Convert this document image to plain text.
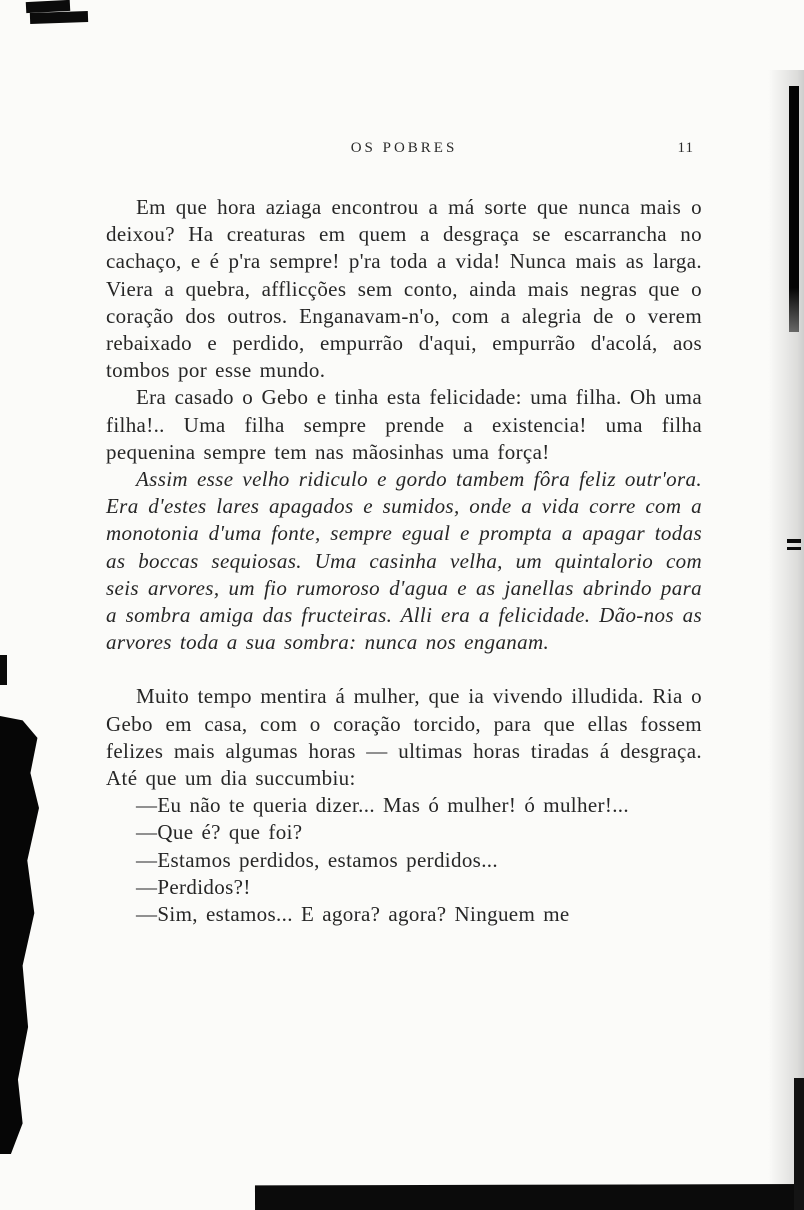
OS POBRES	11

Em que hora aziaga encontrou a má sorte que nunca mais o deixou? Ha creaturas em quem a desgraça se escarrancha no cachaço, e é p'ra sempre! p'ra toda a vida! Nunca mais as larga. Viera a quebra, afflicções sem conto, ainda mais negras que o coração dos outros. Enganavam-n'o, com a alegria de o verem rebaixado e perdido, empurrão d'aqui, empurrão d'acolá, aos tombos por esse mundo.

Era casado o Gebo e tinha esta felicidade: uma filha. Oh uma filha!.. Uma filha sempre prende a existencia! uma filha pequenina sempre tem nas mãosinhas uma força!

Assim esse velho ridiculo e gordo tambem fôra feliz outr'ora. Era d'estes lares apagados e sumidos, onde a vida corre com a monotonia d'uma fonte, sempre egual e prompta a apagar todas as boccas sequiosas. Uma casinha velha, um quintalorio com seis arvores, um fio rumoroso d'agua e as janellas abrindo para a sombra amiga das fructeiras. Alli era a felicidade. Dão-nos as arvores toda a sua sombra: nunca nos enganam.

Muito tempo mentira á mulher, que ia vivendo illudida. Ria o Gebo em casa, com o coração torcido, para que ellas fossem felizes mais algumas horas — ultimas horas tiradas á desgraça. Até que um dia succumbiu:

—Eu não te queria dizer... Mas ó mulher! ó mulher!...

—Que é? que foi?

—Estamos perdidos, estamos perdidos...

—Perdidos?!

—Sim, estamos... E agora? agora? Ninguem me
